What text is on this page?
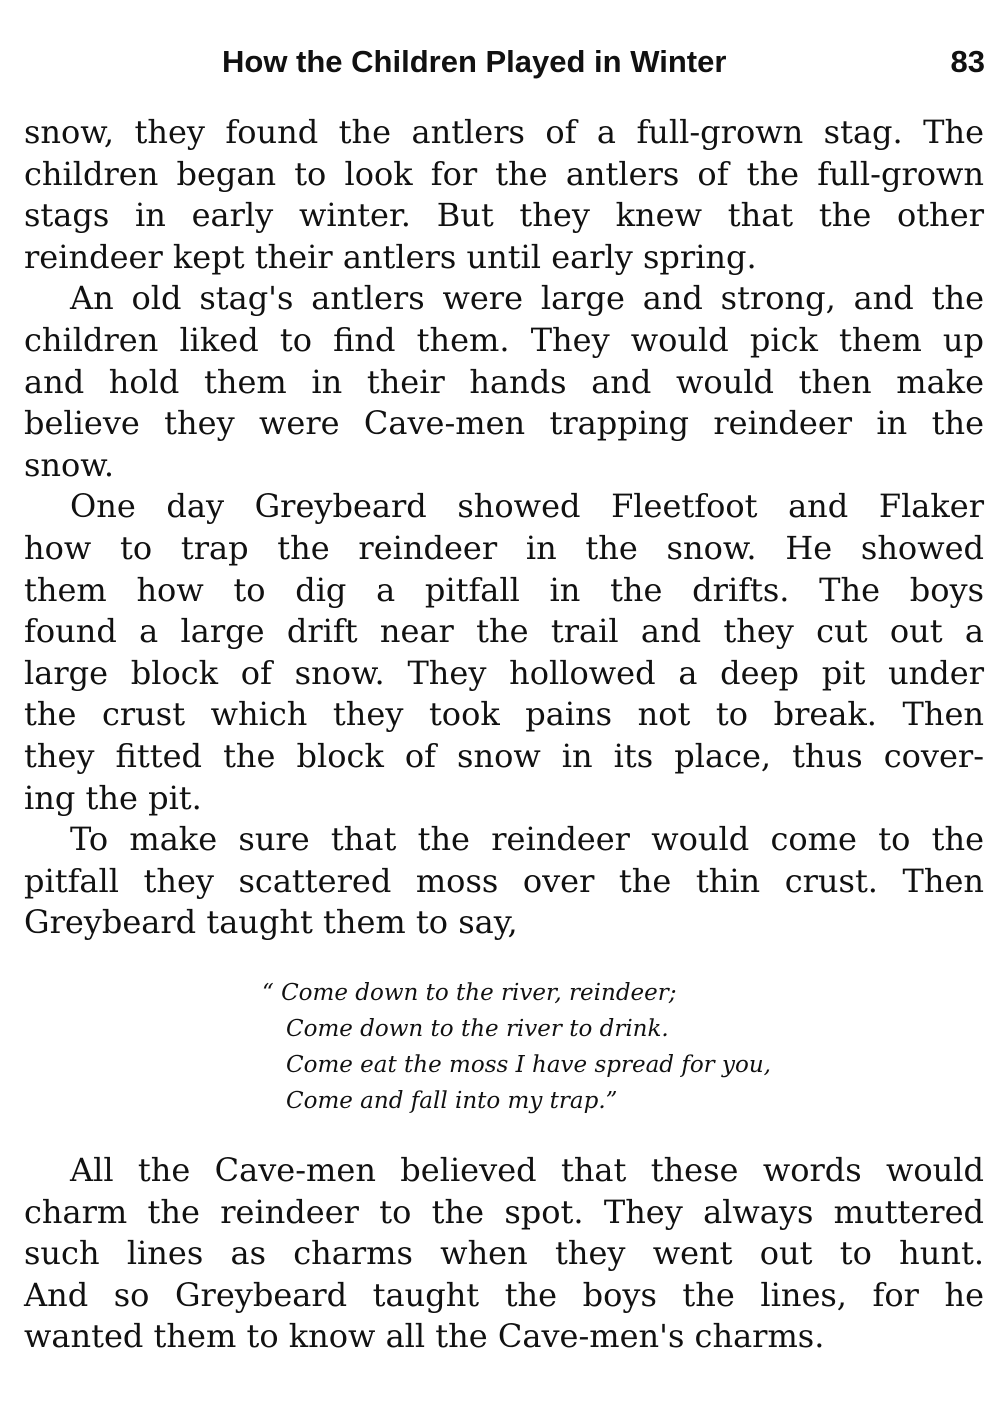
How the Children Played in Winter	83

snow, they found the antlers of a full-grown stag. The
children began to look for the antlers of the full-grown
stags in early winter. But they knew that the other
reindeer kept their antlers until early spring.

An old stag's antlers were large and strong, and the
children liked to find them. They would pick them up
and hold them in their hands and would then make
believe they were Cave-men trapping reindeer in the
snow.

One day Greybeard showed Fleetfoot and Flaker
how to trap the reindeer in the snow. He showed
them how to dig a pitfall in the drifts. The boys
found a large drift near the trail and they cut out a
large block of snow. They hollowed a deep pit under
the crust which they took pains not to break. Then
they fitted the block of snow in its place, thus cover-
ing the pit.

To make sure that the reindeer would come to the
pitfall they scattered moss over the thin crust. Then
Greybeard taught them to say,

“ Come down to the river, reindeer;
Come down to the river to drink.
Come eat the moss I have spread for you,
Come and fall into my trap.”

All the Cave-men believed that these words would
charm the reindeer to the spot. They always muttered
such lines as charms when they went out to hunt.
And so Greybeard taught the boys the lines, for he
wanted them to know all the Cave-men's charms.
